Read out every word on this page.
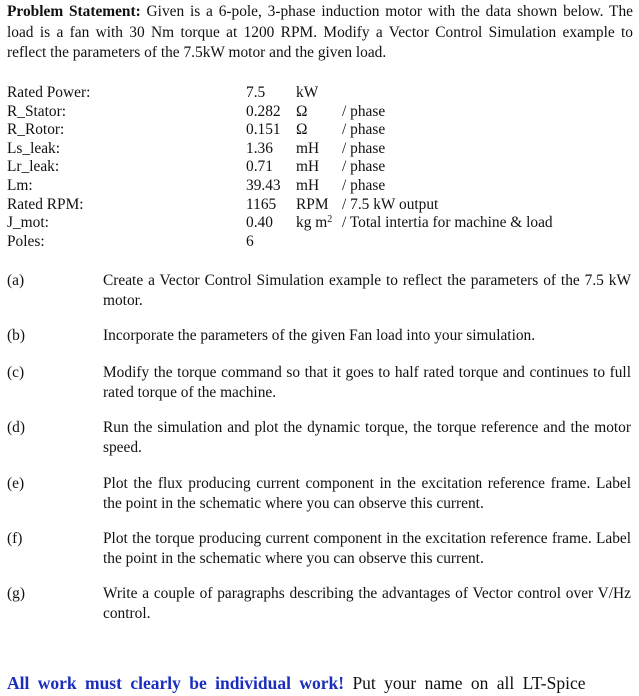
Problem Statement: Given is a 6-pole, 3-phase induction motor with the data shown below. The load is a fan with 30 Nm torque at 1200 RPM. Modify a Vector Control Simulation example to reflect the parameters of the 7.5kW motor and the given load.

Rated Power:	7.5 kW
R_Stator:	0.282 Ω / phase
R_Rotor:	0.151 Ω / phase
Ls_leak:	1.36 mH / phase
Lr_leak:	0.71 mH / phase
Lm:	39.43 mH / phase
Rated RPM:	1165 RPM / 7.5 kW output
J_mot:	0.40 kg $m^2$ / Total intertia for machine & load
Poles:	6
(a)	Create a Vector Control Simulation example to reflect the parameters of the 7.5 kW motor.
(b)	Incorporate the parameters of the given Fan load into your simulation.
(c)	Modify the torque command so that it goes to half rated torque and continues to full rated torque of the machine.
(d)	Run the simulation and plot the dynamic torque, the torque reference and the motor speed.
(e)	Plot the flux producing current component in the excitation reference frame. Label the point in the schematic where you can observe this current.
(f)	Plot the torque producing current component in the excitation reference frame. Label the point in the schematic where you can observe this current.
(g)	Write a couple of paragraphs describing the advantages of Vector control over V/Hz control.
All work must clearly be individual work! Put your name on all LT-Spice
